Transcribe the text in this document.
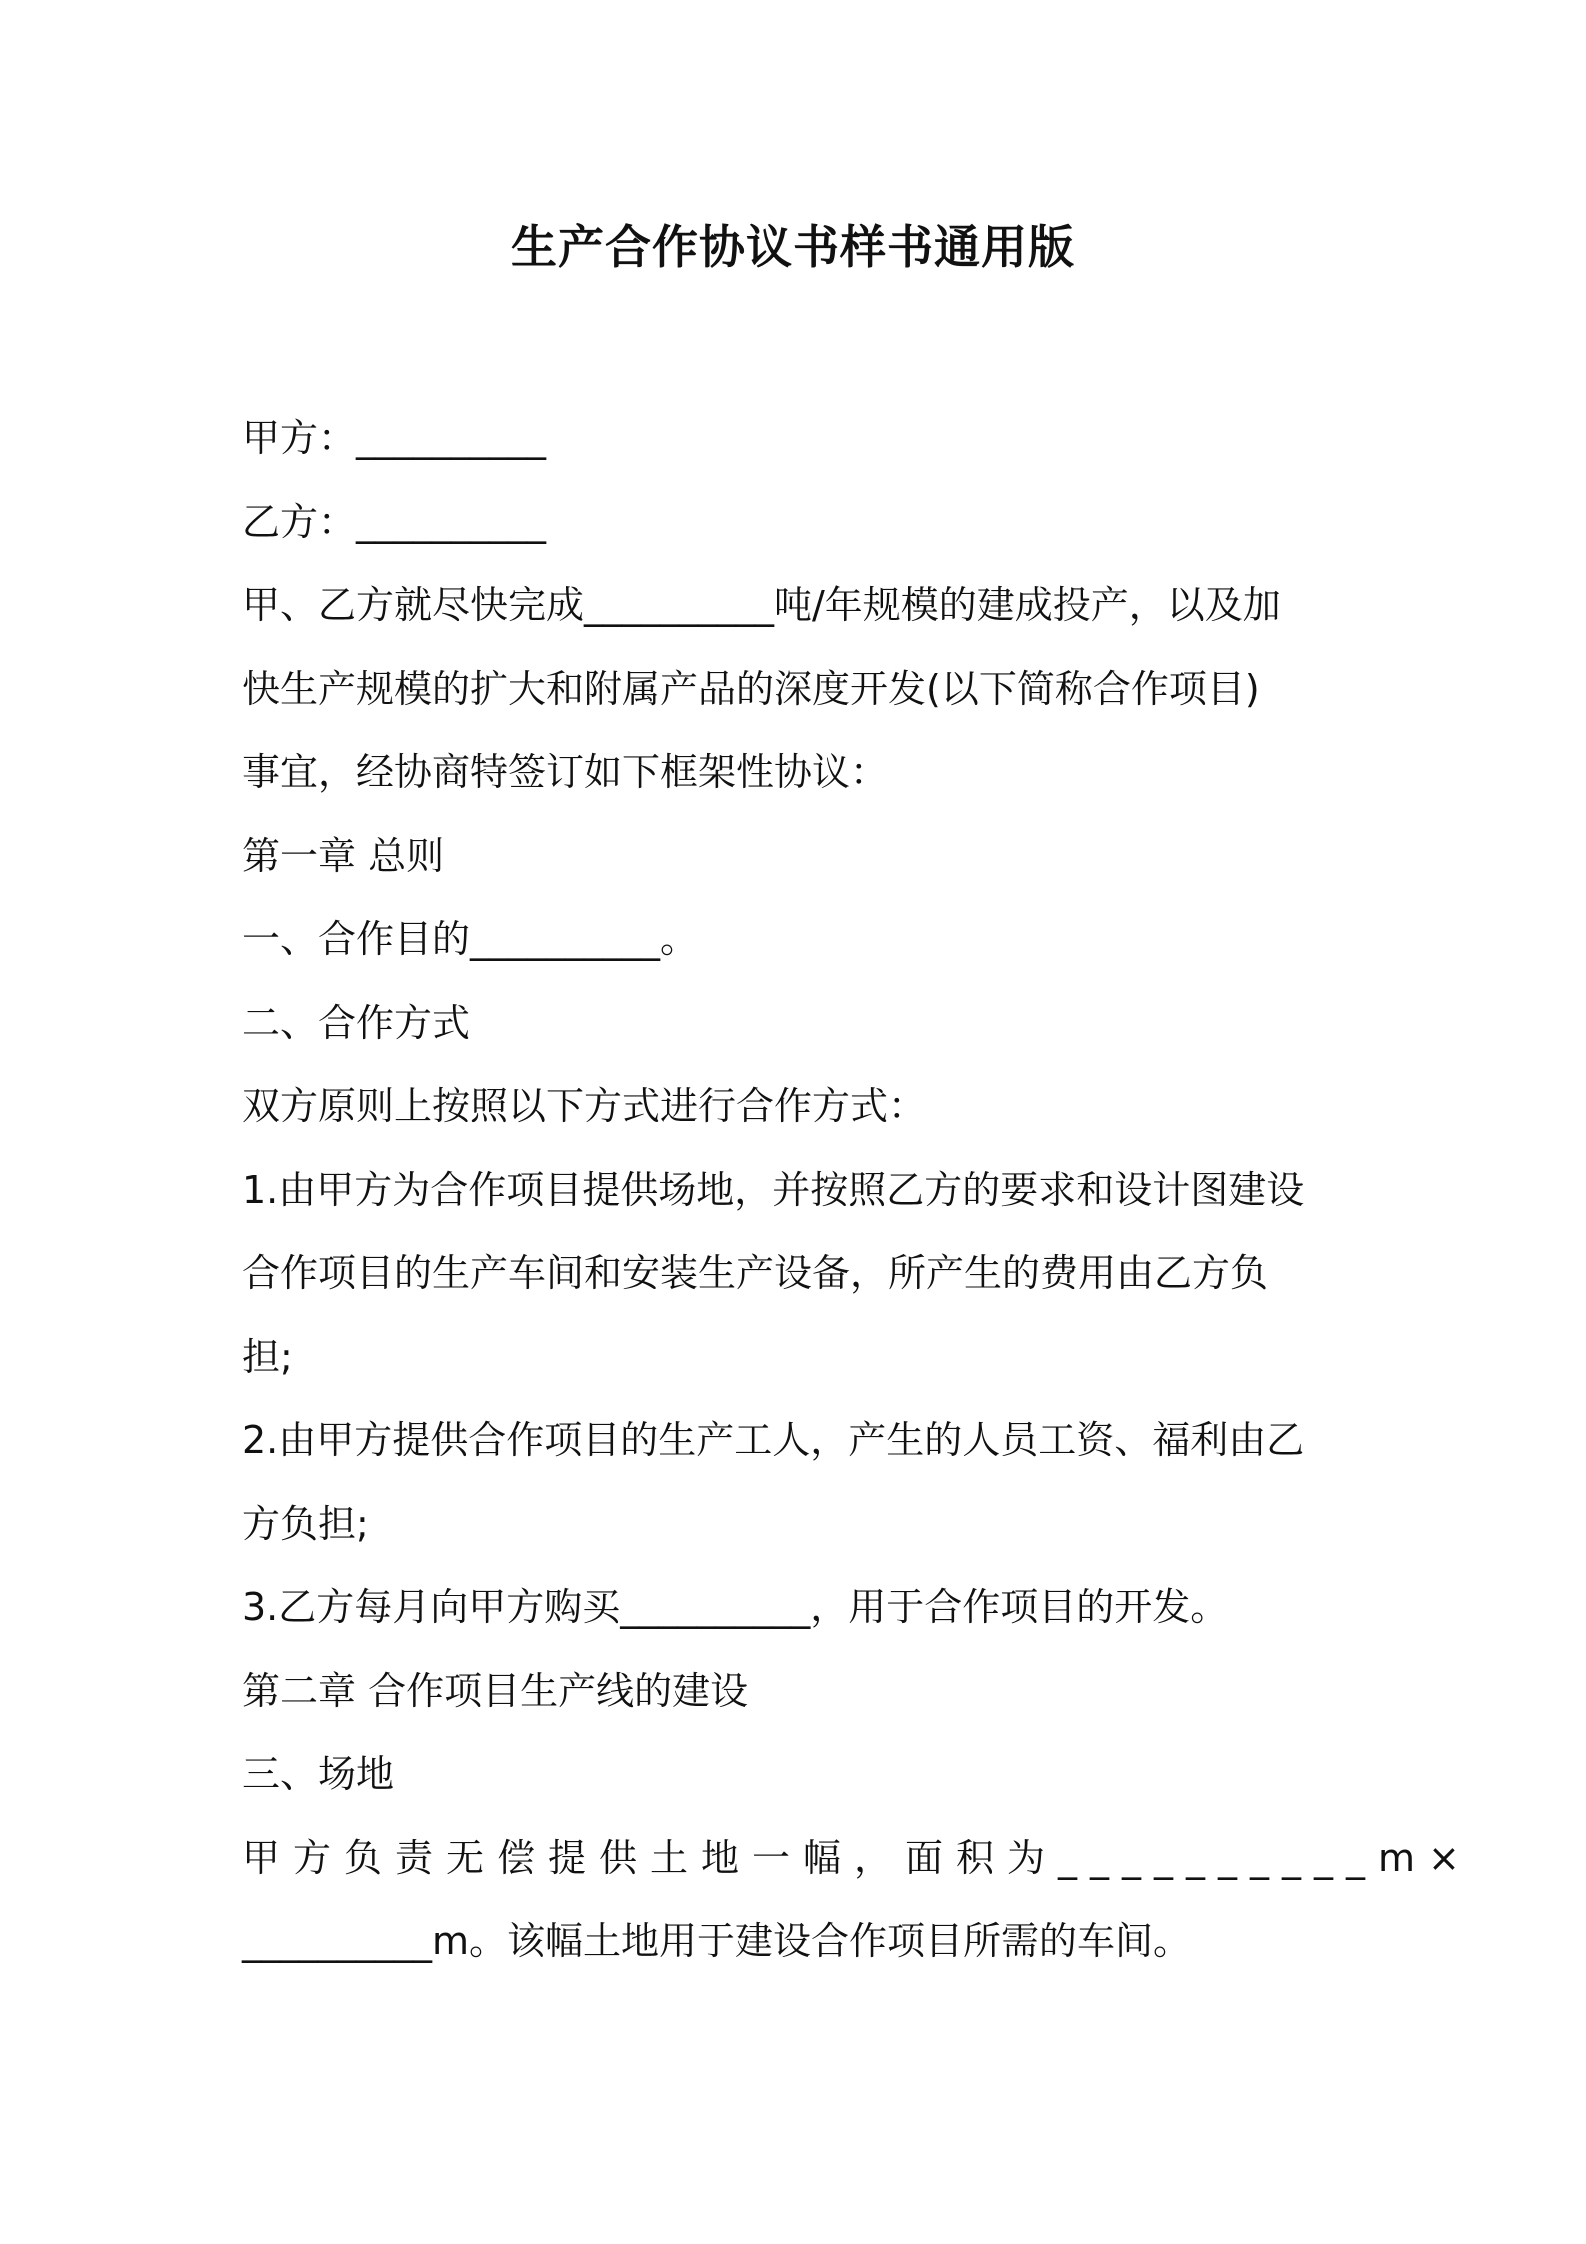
生产合作协议书样书通用版
甲方：__________
乙方：__________
甲、乙方就尽快完成__________吨/年规模的建成投产，以及加
快生产规模的扩大和附属产品的深度开发(以下简称合作项目)
事宜，经协商特签订如下框架性协议：
第一章 总则
一、合作目的__________。
二、合作方式
双方原则上按照以下方式进行合作方式：
1.由甲方为合作项目提供场地，并按照乙方的要求和设计图建设
合作项目的生产车间和安装生产设备，所产生的费用由乙方负
担;
2.由甲方提供合作项目的生产工人，产生的人员工资、福利由乙
方负担;
3.乙方每月向甲方购买__________，用于合作项目的开发。
第二章 合作项目生产线的建设
三、场地
甲方负责无偿提供土地一幅，面积为__________m×
__________m。该幅土地用于建设合作项目所需的车间。
